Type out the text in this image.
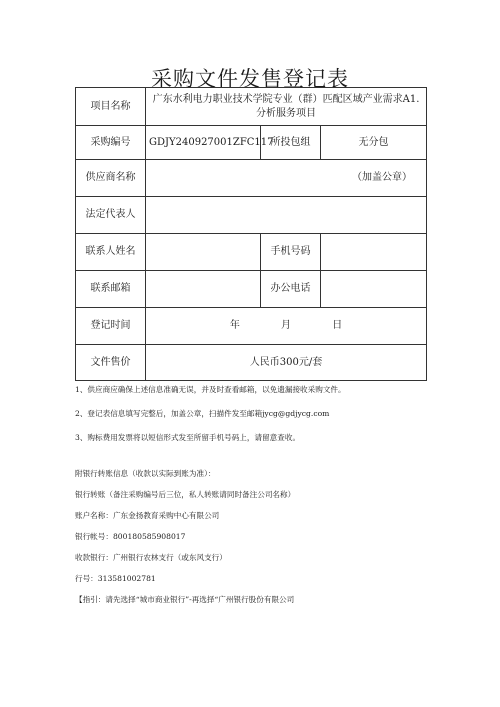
采购文件发售登记表
项目名称	广东水利电力职业技术学院专业（群）匹配区域产业需求A1.
分析服务项目		

采购编号	GDJY240927001ZFC117	所投包组	无分包
供应商名称	（加盖公章）		
法定代表人			
联系人姓名		手机号码	
联系邮箱		办公电话	
登记时间	年 月 日		
文件售价	人民币300元/套		

1、供应商应确保上述信息准确无误，并及时查看邮箱，以免遗漏接收采购文件。

2、登记表信息填写完整后，加盖公章，扫描件发至邮箱jycg@gdjycg.com

3、购标费用发票将以短信形式发至所留手机号码上，请留意查收。

附银行转账信息（收款以实际到账为准）：

银行转账（备注采购编号后三位，私人转账请同时备注公司名称）

账户名称：广东金扬教育采购中心有限公司

银行帐号：800180585908017

收款银行：广州银行农林支行（或东风支行）

行号：313581002781

【指引：请先选择“城市商业银行”-再选择“广州银行股份有限公司
